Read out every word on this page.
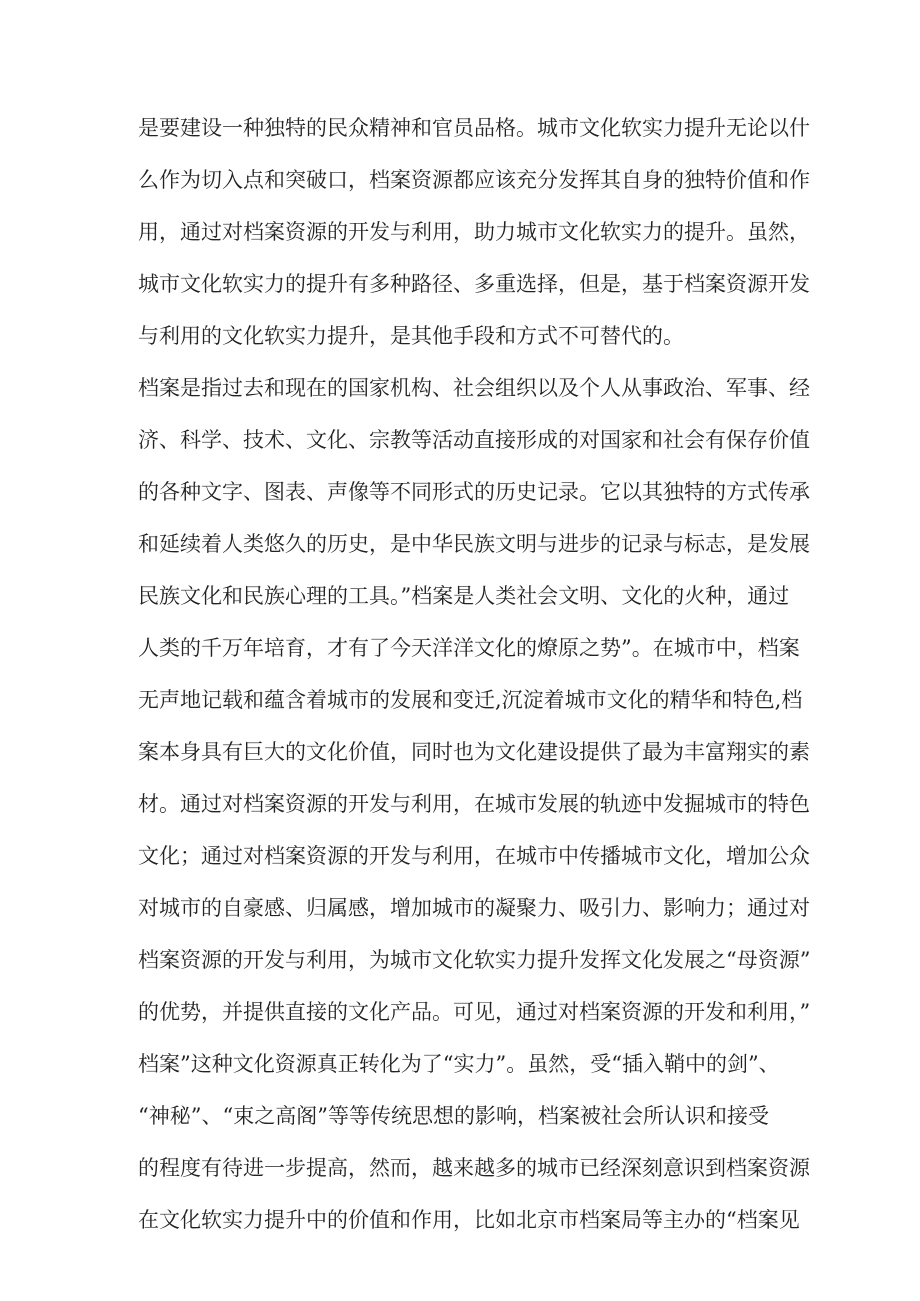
是要建设一种独特的民众精神和官员品格。城市文化软实力提升无论以什
么作为切入点和突破口，档案资源都应该充分发挥其自身的独特价值和作
用，通过对档案资源的开发与利用，助力城市文化软实力的提升。虽然，
城市文化软实力的提升有多种路径、多重选择，但是，基于档案资源开发
与利用的文化软实力提升，是其他手段和方式不可替代的。
档案是指过去和现在的国家机构、社会组织以及个人从事政治、军事、经
济、科学、技术、文化、宗教等活动直接形成的对国家和社会有保存价值
的各种文字、图表、声像等不同形式的历史记录。它以其独特的方式传承
和延续着人类悠久的历史，是中华民族文明与进步的记录与标志，是发展
民族文化和民族心理的工具。”档案是人类社会文明、文化的火种，通过
人类的千万年培育，才有了今天洋洋文化的燎原之势”。在城市中，档案
无声地记载和蕴含着城市的发展和变迁,沉淀着城市文化的精华和特色,档
案本身具有巨大的文化价值，同时也为文化建设提供了最为丰富翔实的素
材。通过对档案资源的开发与利用，在城市发展的轨迹中发掘城市的特色
文化；通过对档案资源的开发与利用，在城市中传播城市文化，增加公众
对城市的自豪感、归属感，增加城市的凝聚力、吸引力、影响力；通过对
档案资源的开发与利用，为城市文化软实力提升发挥文化发展之“母资源”
的优势，并提供直接的文化产品。可见，通过对档案资源的开发和利用，”
档案”这种文化资源真正转化为了“实力”。虽然，受“插入鞘中的剑”、
“神秘”、“束之高阁”等等传统思想的影响，档案被社会所认识和接受
的程度有待进一步提高，然而，越来越多的城市已经深刻意识到档案资源
在文化软实力提升中的价值和作用，比如北京市档案局等主办的“档案见
